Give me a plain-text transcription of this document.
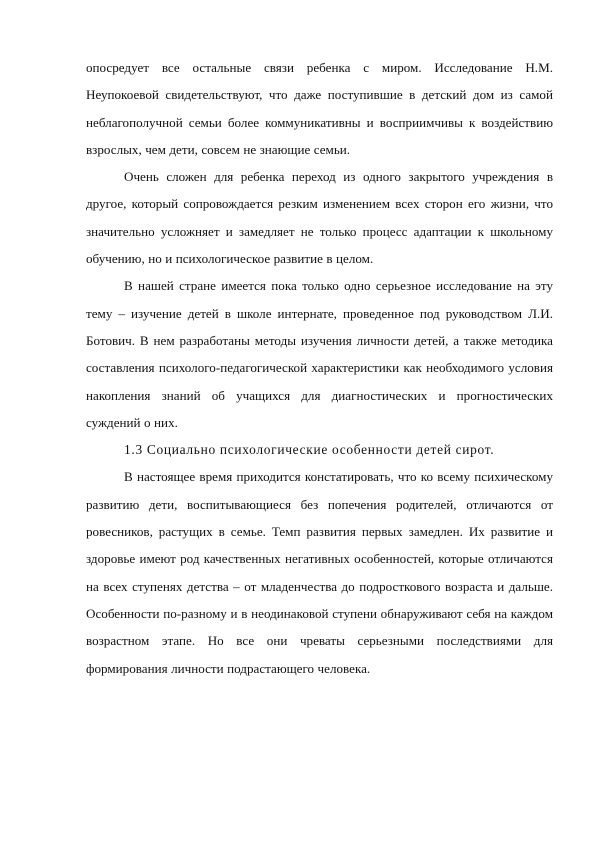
опосредует все остальные связи ребенка с миром. Исследование Н.М. Неупокоевой свидетельствуют, что даже поступившие в детский дом из самой неблагополучной семьи более коммуникативны и восприимчивы к воздействию взрослых, чем дети, совсем не знающие семьи.

Очень сложен для ребенка переход из одного закрытого учреждения в другое, который сопровождается резким изменением всех сторон его жизни, что значительно усложняет и замедляет не только процесс адаптации к школьному обучению, но и психологическое развитие в целом.

В нашей стране имеется пока только одно серьезное исследование на эту тему – изучение детей в школе интернате, проведенное под руководством Л.И. Ботович. В нем разработаны методы изучения личности детей, а также методика составления психолого-педагогической характеристики как необходимого условия накопления знаний об учащихся для диагностических и прогностических суждений о них.

1.3 Социально психологические особенности детей сирот.

В настоящее время приходится констатировать, что ко всему психическому развитию дети, воспитывающиеся без попечения родителей, отличаются от ровесников, растущих в семье. Темп развития первых замедлен. Их развитие и здоровье имеют род качественных негативных особенностей, которые отличаются на всех ступенях детства – от младенчества до подросткового возраста и дальше. Особенности по-разному и в неодинаковой ступени обнаруживают себя на каждом возрастном этапе. Но все они чреваты серьезными последствиями для формирования личности подрастающего человека.
